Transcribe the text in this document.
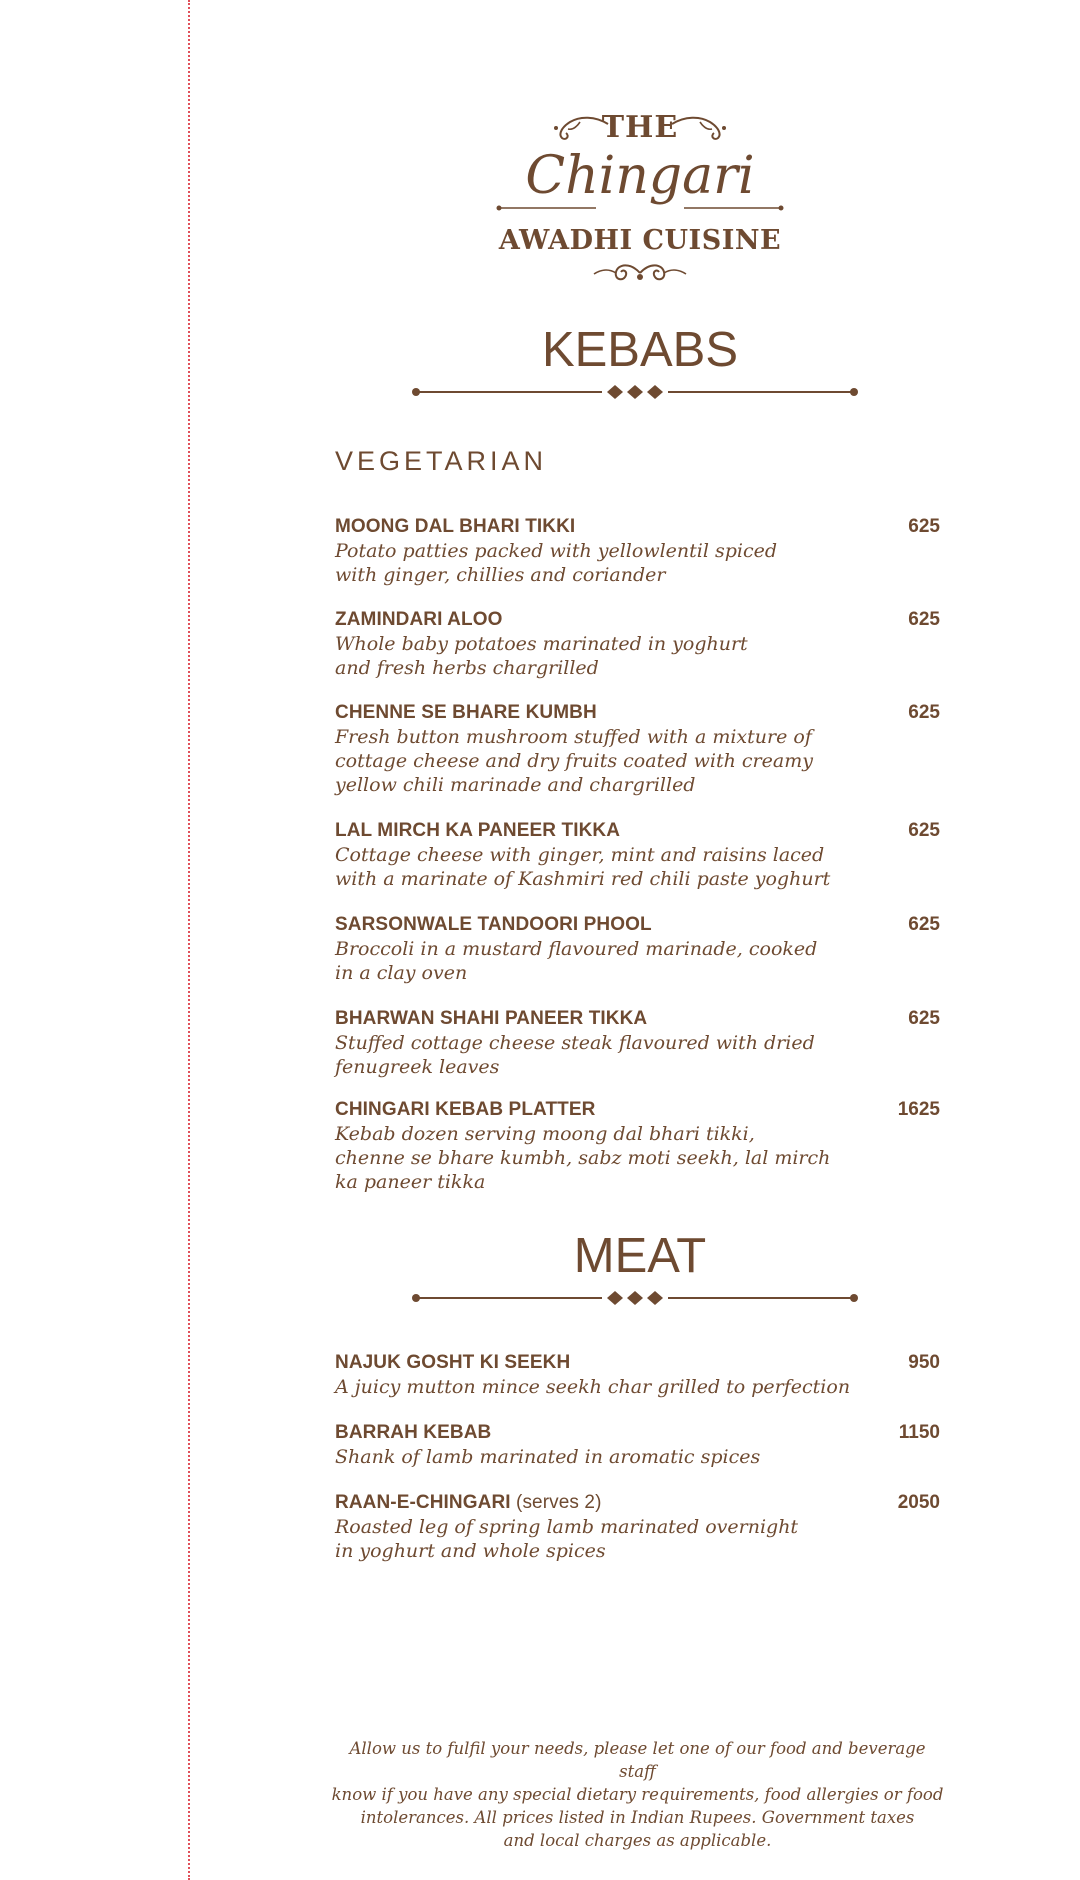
THE
Chingari
AWADHI CUISINE
KEBABS
VEGETARIAN
MOONG DAL BHARI TIKKI	625
Potato patties packed with yellowlentil spiced
with ginger, chillies and coriander
ZAMINDARI ALOO	625
Whole baby potatoes marinated in yoghurt
and fresh herbs chargrilled
CHENNE SE BHARE KUMBH	625
Fresh button mushroom stuffed with a mixture of
cottage cheese and dry fruits coated with creamy
yellow chili marinade and chargrilled
LAL MIRCH KA PANEER TIKKA	625
Cottage cheese with ginger, mint and raisins laced
with a marinate of Kashmiri red chili paste yoghurt
SARSONWALE TANDOORI PHOOL	625
Broccoli in a mustard flavoured marinade, cooked
in a clay oven
BHARWAN SHAHI PANEER TIKKA	625
Stuffed cottage cheese steak flavoured with dried
fenugreek leaves
CHINGARI KEBAB PLATTER	1625
Kebab dozen serving moong dal bhari tikki,
chenne se bhare kumbh, sabz moti seekh, lal mirch
ka paneer tikka
MEAT
NAJUK GOSHT KI SEEKH	950
A juicy mutton mince seekh char grilled to perfection
BARRAH KEBAB	1150
Shank of lamb marinated in aromatic spices
RAAN-E-CHINGARI (serves 2)	2050
Roasted leg of spring lamb marinated overnight
in yoghurt and whole spices
Allow us to fulfil your needs, please let one of our food and beverage staff
know if you have any special dietary requirements, food allergies or food
intolerances. All prices listed in Indian Rupees. Government taxes
and local charges as applicable.
